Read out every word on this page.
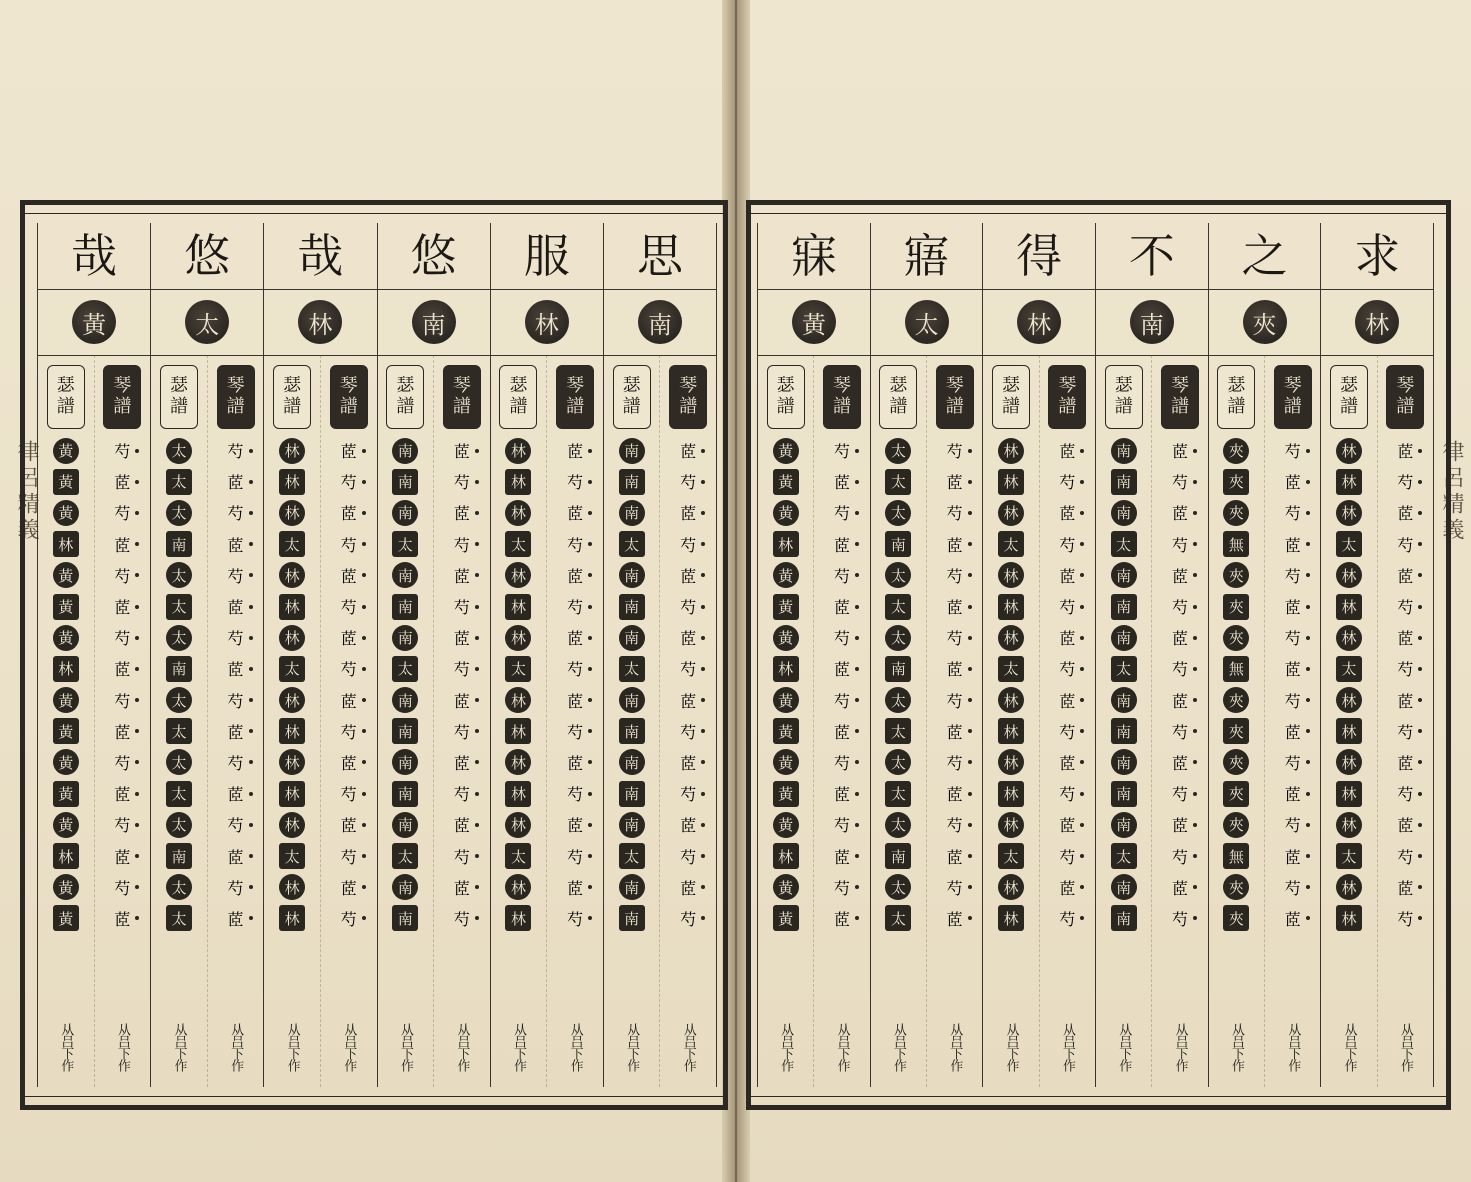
律呂精義	律呂精義
哉
黃
瑟
譜
黃
黃
黃
林
黃
黃
黃
林
黃
黃
黃
黃
黃
林
黃
黃
从吕下作
琴
譜
芍
茝
芍
茝
芍
茝
芍
茝
芍
茝
芍
茝
芍
茝
芍
茝
从吕下作
悠
太
瑟
譜
太
太
太
南
太
太
太
南
太
太
太
太
太
南
太
太
从吕下作
琴
譜
芍
茝
芍
茝
芍
茝
芍
茝
芍
茝
芍
茝
芍
茝
芍
茝
从吕下作
哉
林
瑟
譜
林
林
林
太
林
林
林
太
林
林
林
林
林
太
林
林
从吕下作
琴
譜
茝
芍
茝
芍
茝
芍
茝
芍
茝
芍
茝
芍
茝
芍
茝
芍
从吕下作
悠
南
瑟
譜
南
南
南
太
南
南
南
太
南
南
南
南
南
太
南
南
从吕下作
琴
譜
茝
芍
茝
芍
茝
芍
茝
芍
茝
芍
茝
芍
茝
芍
茝
芍
从吕下作
服
林
瑟
譜
林
林
林
太
林
林
林
太
林
林
林
林
林
太
林
林
从吕下作
琴
譜
茝
芍
茝
芍
茝
芍
茝
芍
茝
芍
茝
芍
茝
芍
茝
芍
从吕下作
思
南
瑟
譜
南
南
南
太
南
南
南
太
南
南
南
南
南
太
南
南
从吕下作
琴
譜
茝
芍
茝
芍
茝
芍
茝
芍
茝
芍
茝
芍
茝
芍
茝
芍
从吕下作
寐
黃
瑟
譜
黃
黃
黃
林
黃
黃
黃
林
黃
黃
黃
黃
黃
林
黃
黃
从吕下作
琴
譜
芍
茝
芍
茝
芍
茝
芍
茝
芍
茝
芍
茝
芍
茝
芍
茝
从吕下作
寤
太
瑟
譜
太
太
太
南
太
太
太
南
太
太
太
太
太
南
太
太
从吕下作
琴
譜
芍
茝
芍
茝
芍
茝
芍
茝
芍
茝
芍
茝
芍
茝
芍
茝
从吕下作
得
林
瑟
譜
林
林
林
太
林
林
林
太
林
林
林
林
林
太
林
林
从吕下作
琴
譜
茝
芍
茝
芍
茝
芍
茝
芍
茝
芍
茝
芍
茝
芍
茝
芍
从吕下作
不
南
瑟
譜
南
南
南
太
南
南
南
太
南
南
南
南
南
太
南
南
从吕下作
琴
譜
茝
芍
茝
芍
茝
芍
茝
芍
茝
芍
茝
芍
茝
芍
茝
芍
从吕下作
之
夾
瑟
譜
夾
夾
夾
無
夾
夾
夾
無
夾
夾
夾
夾
夾
無
夾
夾
从吕下作
琴
譜
芍
茝
芍
茝
芍
茝
芍
茝
芍
茝
芍
茝
芍
茝
芍
茝
从吕下作
求
林
瑟
譜
林
林
林
太
林
林
林
太
林
林
林
林
林
太
林
林
从吕下作
琴
譜
茝
芍
茝
芍
茝
芍
茝
芍
茝
芍
茝
芍
茝
芍
茝
芍
从吕下作
